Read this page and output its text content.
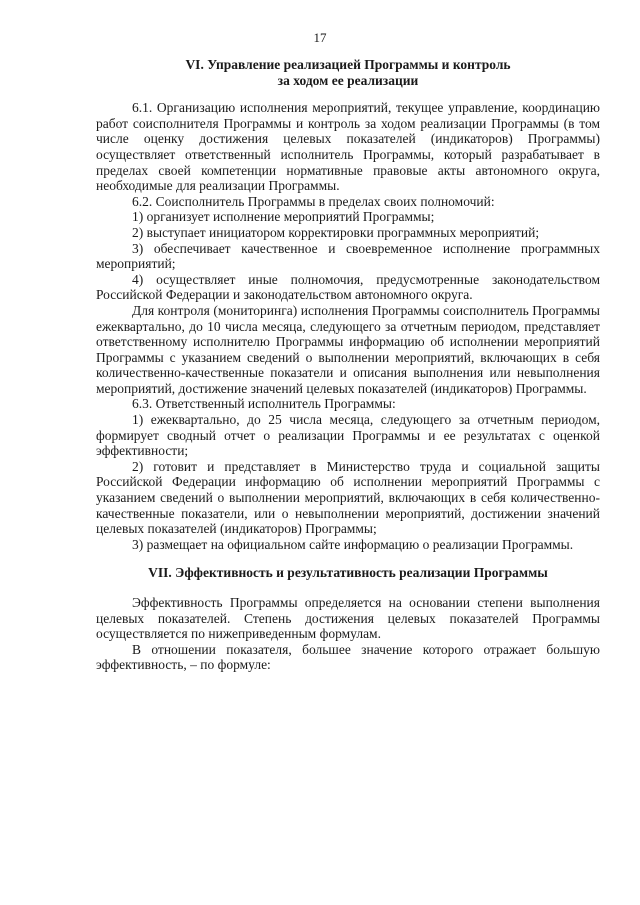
17
VI. Управление реализацией Программы и контроль
за ходом ее реализации

6.1. Организацию исполнения мероприятий, текущее управление, координацию работ соисполнителя Программы и контроль за ходом реализации Программы (в том числе оценку достижения целевых показателей (индикаторов) Программы) осуществляет ответственный исполнитель Программы, который разрабатывает в пределах своей компетенции нормативные правовые акты автономного округа, необходимые для реализации Программы.

6.2. Соисполнитель Программы в пределах своих полномочий:

1) организует исполнение мероприятий Программы;

2) выступает инициатором корректировки программных мероприятий;

3) обеспечивает качественное и своевременное исполнение программных мероприятий;

4) осуществляет иные полномочия, предусмотренные законодательством Российской Федерации и законодательством автономного округа.

Для контроля (мониторинга) исполнения Программы соисполнитель Программы ежеквартально, до 10 числа месяца, следующего за отчетным периодом, представляет ответственному исполнителю Программы информацию об исполнении мероприятий Программы с указанием сведений о выполнении мероприятий, включающих в себя количественно-качественные показатели и описания выполнения или невыполнения мероприятий, достижение значений целевых показателей (индикаторов) Программы.

6.3. Ответственный исполнитель Программы:

1) ежеквартально, до 25 числа месяца, следующего за отчетным периодом, формирует сводный отчет о реализации Программы и ее результатах с оценкой эффективности;

2) готовит и представляет в Министерство труда и социальной защиты Российской Федерации информацию об исполнении мероприятий Программы с указанием сведений о выполнении мероприятий, включающих в себя количественно-качественные показатели, или о невыполнении мероприятий, достижении значений целевых показателей (индикаторов) Программы;

3) размещает на официальном сайте информацию о реализации Программы.

VII. Эффективность и результативность реализации Программы

Эффективность Программы определяется на основании степени выполнения целевых показателей. Степень достижения целевых показателей Программы осуществляется по нижеприведенным формулам.

В отношении показателя, большее значение которого отражает большую эффективность, – по формуле:
